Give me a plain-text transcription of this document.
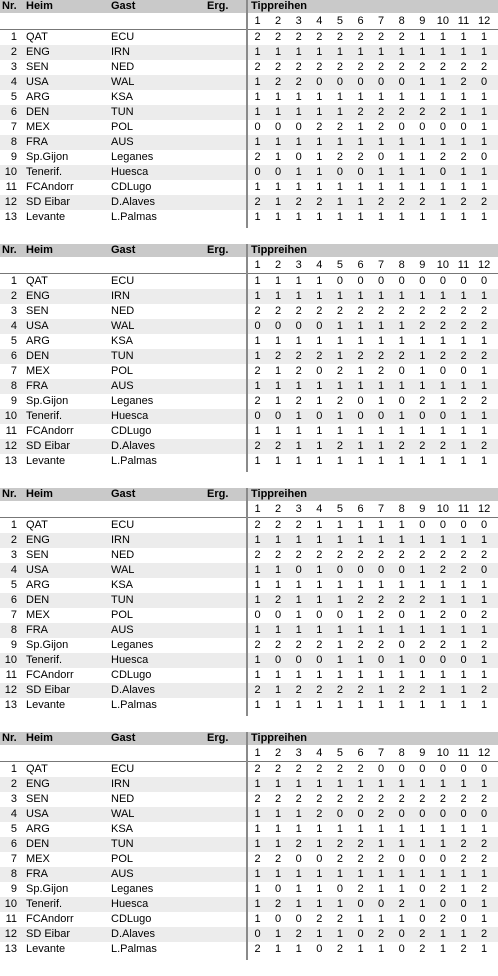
Nr. Heim	Gast	Erg. Tippreihen
1	2	3	4	5	6	7	8	9	10 11 12
1 QAT	ECU	2	2	2	2	2	2	2	2	1	1	1	1
2 ENG	IRN	1	1	1	1	1	1	1	1	1	1	1	1
3 SEN	NED	2	2	2	2	2	2	2	2	2	2	2	2
4 USA	WAL	1	2	2	0	0	0	0	0	1	1	2	0
5 ARG	KSA	1	1	1	1	1	1	1	1	1	1	1	1
6 DEN	TUN	1	1	1	1	1	2	2	2	2	2	1	1
7 MEX	POL	0	0	0	2	2	1	2	0	0	0	0	1
8 FRA	AUS	1	1	1	1	1	1	1	1	1	1	1	1
9 Sp.Gijon	Leganes	2	1	0	1	2	2	0	1	1	2	2	0
10 Tenerif.	Huesca	0	0	1	1	0	0	1	1	1	0	1	1
11 FCAndorr	CDLugo	1	1	1	1	1	1	1	1	1	1	1	1
12 SD Eibar	D.Alaves	2	1	2	2	1	1	2	2	2	1	2	2
13 Levante	L.Palmas	1	1	1	1	1	1	1	1	1	1	1	1
Nr. Heim	Gast	Erg. Tippreihen
1	2	3	4	5	6	7	8	9	10 11 12
1 QAT	ECU	1	1	1	1	0	0	0	0	0	0	0	0
2 ENG	IRN	1	1	1	1	1	1	1	1	1	1	1	1
3 SEN	NED	2	2	2	2	2	2	2	2	2	2	2	2
4 USA	WAL	0	0	0	0	1	1	1	1	2	2	2	2
5 ARG	KSA	1	1	1	1	1	1	1	1	1	1	1	1
6 DEN	TUN	1	2	2	2	1	2	2	2	1	2	2	2
7 MEX	POL	2	1	2	0	2	1	2	0	1	0	0	1
8 FRA	AUS	1	1	1	1	1	1	1	1	1	1	1	1
9 Sp.Gijon	Leganes	2	1	2	1	2	0	1	0	2	1	2	2
10 Tenerif.	Huesca	0	0	1	0	1	0	0	1	0	0	1	1
11 FCAndorr	CDLugo	1	1	1	1	1	1	1	1	1	1	1	1
12 SD Eibar	D.Alaves	2	2	1	1	2	1	1	2	2	2	1	2
13 Levante	L.Palmas	1	1	1	1	1	1	1	1	1	1	1	1
Nr. Heim	Gast	Erg. Tippreihen
1	2	3	4	5	6	7	8	9	10 11 12
1 QAT	ECU	2	2	2	1	1	1	1	1	0	0	0	0
2 ENG	IRN	1	1	1	1	1	1	1	1	1	1	1	1
3 SEN	NED	2	2	2	2	2	2	2	2	2	2	2	2
4 USA	WAL	1	1	0	1	0	0	0	0	1	2	2	0
5 ARG	KSA	1	1	1	1	1	1	1	1	1	1	1	1
6 DEN	TUN	1	2	1	1	1	2	2	2	2	1	1	1
7 MEX	POL	0	0	1	0	0	1	2	0	1	2	0	2
8 FRA	AUS	1	1	1	1	1	1	1	1	1	1	1	1
9 Sp.Gijon	Leganes	2	2	2	2	1	2	2	0	2	2	1	2
10 Tenerif.	Huesca	1	0	0	0	1	1	0	1	0	0	0	1
11 FCAndorr	CDLugo	1	1	1	1	1	1	1	1	1	1	1	1
12 SD Eibar	D.Alaves	2	1	2	2	2	2	1	2	2	1	1	2
13 Levante	L.Palmas	1	1	1	1	1	1	1	1	1	1	1	1
Nr. Heim	Gast	Erg. Tippreihen
1	2	3	4	5	6	7	8	9	10 11 12
1 QAT	ECU	2	2	2	2	2	2	0	0	0	0	0	0
2 ENG	IRN	1	1	1	1	1	1	1	1	1	1	1	1
3 SEN	NED	2	2	2	2	2	2	2	2	2	2	2	2
4 USA	WAL	1	1	1	2	0	0	2	0	0	0	0	0
5 ARG	KSA	1	1	1	1	1	1	1	1	1	1	1	1
6 DEN	TUN	1	1	2	1	2	2	1	1	1	1	2	2
7 MEX	POL	2	2	0	0	2	2	2	0	0	0	2	2
8 FRA	AUS	1	1	1	1	1	1	1	1	1	1	1	1
9 Sp.Gijon	Leganes	1	0	1	1	0	2	1	1	0	2	1	2
10 Tenerif.	Huesca	1	2	1	1	1	0	0	2	1	0	0	1
11 FCAndorr	CDLugo	1	0	0	2	2	1	1	1	0	2	0	1
12 SD Eibar	D.Alaves	0	1	2	1	1	0	2	0	2	1	1	2
13 Levante	L.Palmas	2	1	1	0	2	1	1	0	2	1	2	1
